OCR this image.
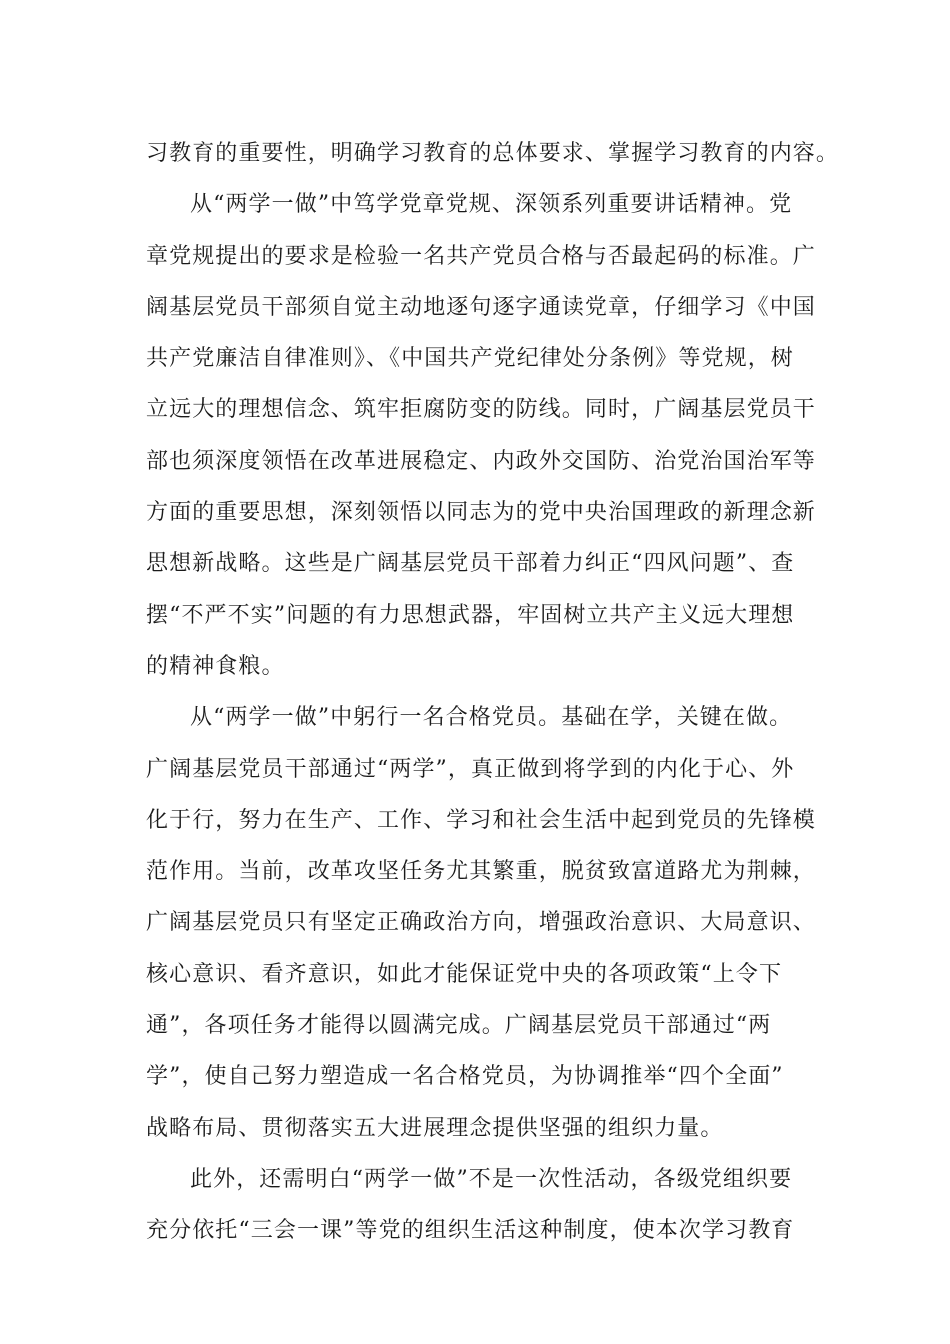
习教育的重要性，明确学习教育的总体要求、掌握学习教育的内容。
从“两学一做”中笃学党章党规、深领系列重要讲话精神。党
章党规提出的要求是检验一名共产党员合格与否最起码的标准。广
阔基层党员干部须自觉主动地逐句逐字通读党章，仔细学习《中国
共产党廉洁自律准则》、《中国共产党纪律处分条例》等党规，树
立远大的理想信念、筑牢拒腐防变的防线。同时，广阔基层党员干
部也须深度领悟在改革进展稳定、内政外交国防、治党治国治军等
方面的重要思想，深刻领悟以同志为的党中央治国理政的新理念新
思想新战略。这些是广阔基层党员干部着力纠正“四风问题”、查
摆“不严不实”问题的有力思想武器，牢固树立共产主义远大理想
的精神食粮。
从“两学一做”中躬行一名合格党员。基础在学，关键在做。
广阔基层党员干部通过“两学”，真正做到将学到的内化于心、外
化于行，努力在生产、工作、学习和社会生活中起到党员的先锋模
范作用。当前，改革攻坚任务尤其繁重，脱贫致富道路尤为荆棘，
广阔基层党员只有坚定正确政治方向，增强政治意识、大局意识、
核心意识、看齐意识，如此才能保证党中央的各项政策“上令下
通”，各项任务才能得以圆满完成。广阔基层党员干部通过“两
学”，使自己努力塑造成一名合格党员，为协调推举“四个全面”
战略布局、贯彻落实五大进展理念提供坚强的组织力量。
此外，还需明白“两学一做”不是一次性活动，各级党组织要
充分依托“三会一课”等党的组织生活这种制度，使本次学习教育
